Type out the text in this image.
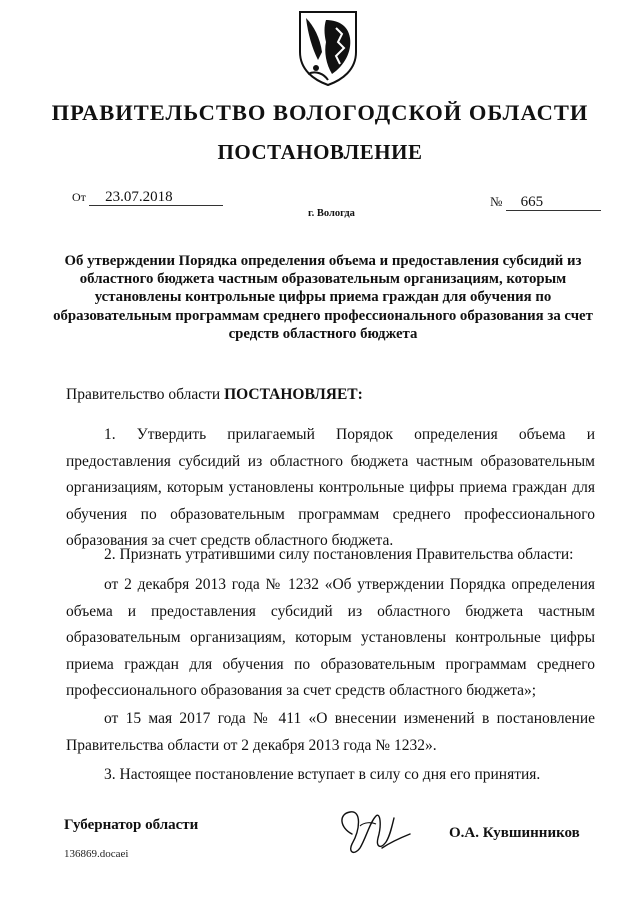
ПРАВИТЕЛЬСТВО ВОЛОГОДСКОЙ ОБЛАСТИ
ПОСТАНОВЛЕНИЕ
От 23.07.2018	№ 665
г. Вологда
Об утверждении Порядка определения объема и предоставления субсидий из областного бюджета частным образовательным организациям, которым установлены контрольные цифры приема граждан для обучения по образовательным программам среднего профессионального образования за счет средств областного бюджета
Правительство области ПОСТАНОВЛЯЕТ:

1. Утвердить прилагаемый Порядок определения объема и предоставления субсидий из областного бюджета частным образовательным организациям, которым установлены контрольные цифры приема граждан для обучения по образовательным программам среднего профессионального образования за счет средств областного бюджета.

2. Признать утратившими силу постановления Правительства области:

от 2 декабря 2013 года № 1232 «Об утверждении Порядка определения объема и предоставления субсидий из областного бюджета частным образовательным организациям, которым установлены контрольные цифры приема граждан для обучения по образовательным программам среднего профессионального образования за счет средств областного бюджета»;

от 15 мая 2017 года № 411 «О внесении изменений в постановление Правительства области от 2 декабря 2013 года № 1232».

3. Настоящее постановление вступает в силу со дня его принятия.

Губернатор области	О.А. Кувшинников
136869.docaei
